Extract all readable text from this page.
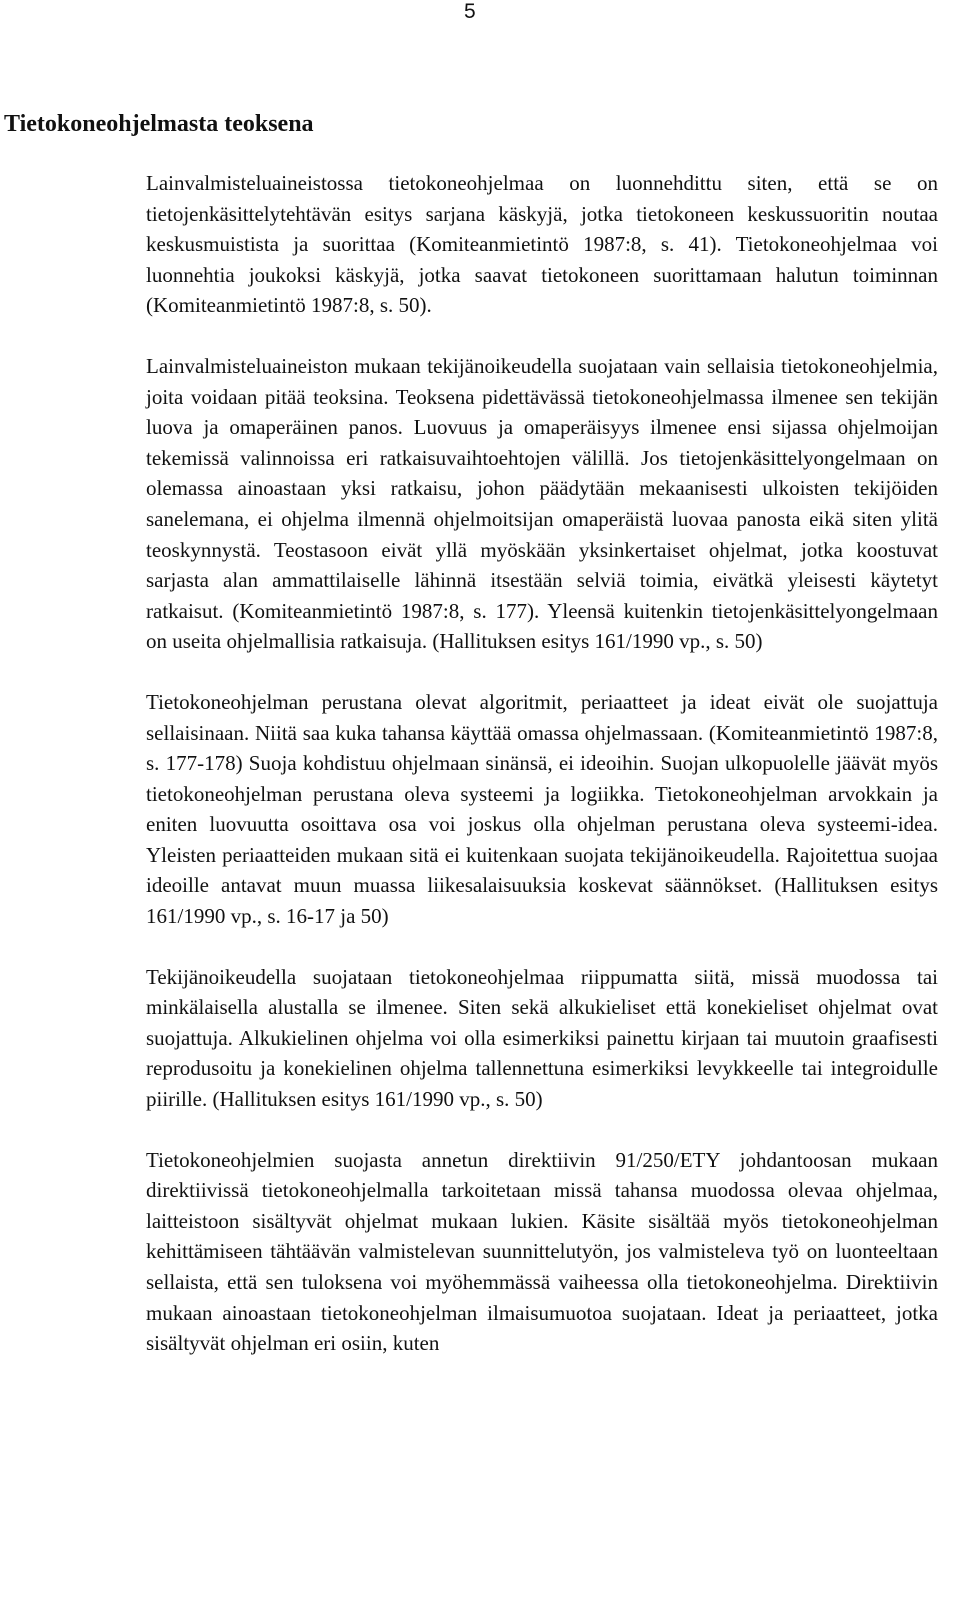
5
Tietokoneohjelmasta teoksena

Lainvalmisteluaineistossa tietokoneohjelmaa on luonnehdittu siten, että se on tietojenkäsittelytehtävän esitys sarjana käskyjä, jotka tietokoneen keskussuoritin noutaa keskusmuistista ja suorittaa (Komiteanmietintö 1987:8, s. 41). Tietokoneohjelmaa voi luonnehtia joukoksi käskyjä, jotka saavat tietokoneen suorittamaan halutun toiminnan (Komiteanmietintö 1987:8, s. 50).

Lainvalmisteluaineiston mukaan tekijänoikeudella suojataan vain sellaisia tietokoneohjelmia, joita voidaan pitää teoksina. Teoksena pidettävässä tietokoneohjelmassa ilmenee sen tekijän luova ja omaperäinen panos. Luovuus ja omaperäisyys ilmenee ensi sijassa ohjelmoijan tekemissä valinnoissa eri ratkaisuvaihtoehtojen välillä. Jos tietojenkäsittelyongelmaan on olemassa ainoastaan yksi ratkaisu, johon päädytään mekaanisesti ulkoisten tekijöiden sanelemana, ei ohjelma ilmennä ohjelmoitsijan omaperäistä luovaa panosta eikä siten ylitä teoskynnystä. Teostasoon eivät yllä myöskään yksinkertaiset ohjelmat, jotka koostuvat sarjasta alan ammattilaiselle lähinnä itsestään selviä toimia, eivätkä yleisesti käytetyt ratkaisut. (Komiteanmietintö 1987:8, s. 177). Yleensä kuitenkin tietojenkäsittelyongelmaan on useita ohjelmallisia ratkaisuja. (Hallituksen esitys 161/1990 vp., s. 50)

Tietokoneohjelman perustana olevat algoritmit, periaatteet ja ideat eivät ole suojattuja sellaisinaan. Niitä saa kuka tahansa käyttää omassa ohjelmassaan. (Komiteanmietintö 1987:8, s. 177-178) Suoja kohdistuu ohjelmaan sinänsä, ei ideoihin. Suojan ulkopuolelle jäävät myös tietokoneohjelman perustana oleva systeemi ja logiikka. Tietokoneohjelman arvokkain ja eniten luovuutta osoittava osa voi joskus olla ohjelman perustana oleva systeemi-idea. Yleisten periaatteiden mukaan sitä ei kuitenkaan suojata tekijänoikeudella. Rajoitettua suojaa ideoille antavat muun muassa liikesalaisuuksia koskevat säännökset. (Hallituksen esitys 161/1990 vp., s. 16-17 ja 50)

Tekijänoikeudella suojataan tietokoneohjelmaa riippumatta siitä, missä muodossa tai minkälaisella alustalla se ilmenee. Siten sekä alkukieliset että konekieliset ohjelmat ovat suojattuja. Alkukielinen ohjelma voi olla esimerkiksi painettu kirjaan tai muutoin graafisesti reprodusoitu ja konekielinen ohjelma tallennettuna esimerkiksi levykkeelle tai integroidulle piirille. (Hallituksen esitys 161/1990 vp., s. 50)

Tietokoneohjelmien suojasta annetun direktiivin 91/250/ETY johdantoosan mukaan direktiivissä tietokoneohjelmalla tarkoitetaan missä tahansa muodossa olevaa ohjelmaa, laitteistoon sisältyvät ohjelmat mukaan lukien. Käsite sisältää myös tietokoneohjelman kehittämiseen tähtäävän valmistelevan suunnittelutyön, jos valmisteleva työ on luonteeltaan sellaista, että sen tuloksena voi myöhemmässä vaiheessa olla tietokoneohjelma. Direktiivin mukaan ainoastaan tietokoneohjelman ilmaisumuotoa suojataan. Ideat ja periaatteet, jotka sisältyvät ohjelman eri osiin, kuten
